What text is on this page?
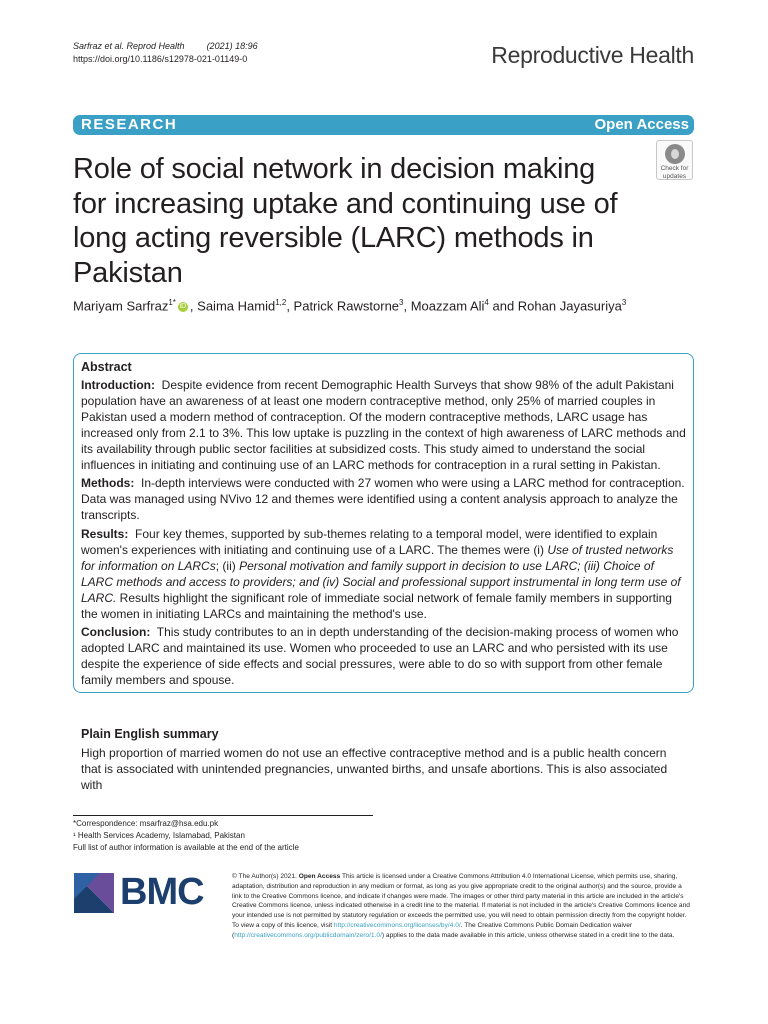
Sarfraz et al. Reprod Health (2021) 18:96
https://doi.org/10.1186/s12978-021-01149-0	Reproductive Health
RESEARCH	Open Access
Role of social network in decision making for increasing uptake and continuing use of long acting reversible (LARC) methods in Pakistan
Check for
updates
Mariyam Sarfraz$^{1*}$ iD , Saima Hamid$^{1,2}$, Patrick Rawstorne$^3$, Moazzam Ali$^4$ and Rohan Jayasuriya$^3$
Abstract

Introduction: Despite evidence from recent Demographic Health Surveys that show 98% of the adult Pakistani population have an awareness of at least one modern contraceptive method, only 25% of married couples in Pakistan used a modern method of contraception. Of the modern contraceptive methods, LARC usage has increased only from 2.1 to 3%. This low uptake is puzzling in the context of high awareness of LARC methods and its availability through public sector facilities at subsidized costs. This study aimed to understand the social influences in initiating and continuing use of an LARC methods for contraception in a rural setting in Pakistan.

Methods: In-depth interviews were conducted with 27 women who were using a LARC method for contraception. Data was managed using NVivo 12 and themes were identified using a content analysis approach to analyze the transcripts.

Results: Four key themes, supported by sub-themes relating to a temporal model, were identified to explain women's experiences with initiating and continuing use of a LARC. The themes were (i) Use of trusted networks for information on LARCs; (ii) Personal motivation and family support in decision to use LARC; (iii) Choice of LARC methods and access to providers; and (iv) Social and professional support instrumental in long term use of LARC. Results highlight the significant role of immediate social network of female family members in supporting the women in initiating LARCs and maintaining the method's use.

Conclusion: This study contributes to an in depth understanding of the decision-making process of women who adopted LARC and maintained its use. Women who proceeded to use an LARC and who persisted with its use despite the experience of side effects and social pressures, were able to do so with support from other female family members and spouse.

Plain English summary

High proportion of married women do not use an effective contraceptive method and is a public health concern that is associated with unintended pregnancies, unwanted births, and unsafe abortions. This is also associated with

*Correspondence: msarfraz@hsa.edu.pk
¹ Health Services Academy, Islamabad, Pakistan
Full list of author information is available at the end of the article
BMC	© The Author(s) 2021. Open Access This article is licensed under a Creative Commons Attribution 4.0 International License, which permits use, sharing, adaptation, distribution and reproduction in any medium or format, as long as you give appropriate credit to the original author(s) and the source, provide a link to the Creative Commons licence, and indicate if changes were made. The images or other third party material in this article are included in the article's Creative Commons licence, unless indicated otherwise in a credit line to the material. If material is not included in the article's Creative Commons licence and your intended use is not permitted by statutory regulation or exceeds the permitted use, you will need to obtain permission directly from the copyright holder. To view a copy of this licence, visit http://creativecommons.org/licenses/by/4.0/. The Creative Commons Public Domain Dedication waiver (http://creativecommons.org/publicdomain/zero/1.0/) applies to the data made available in this article, unless otherwise stated in a credit line to the data.
